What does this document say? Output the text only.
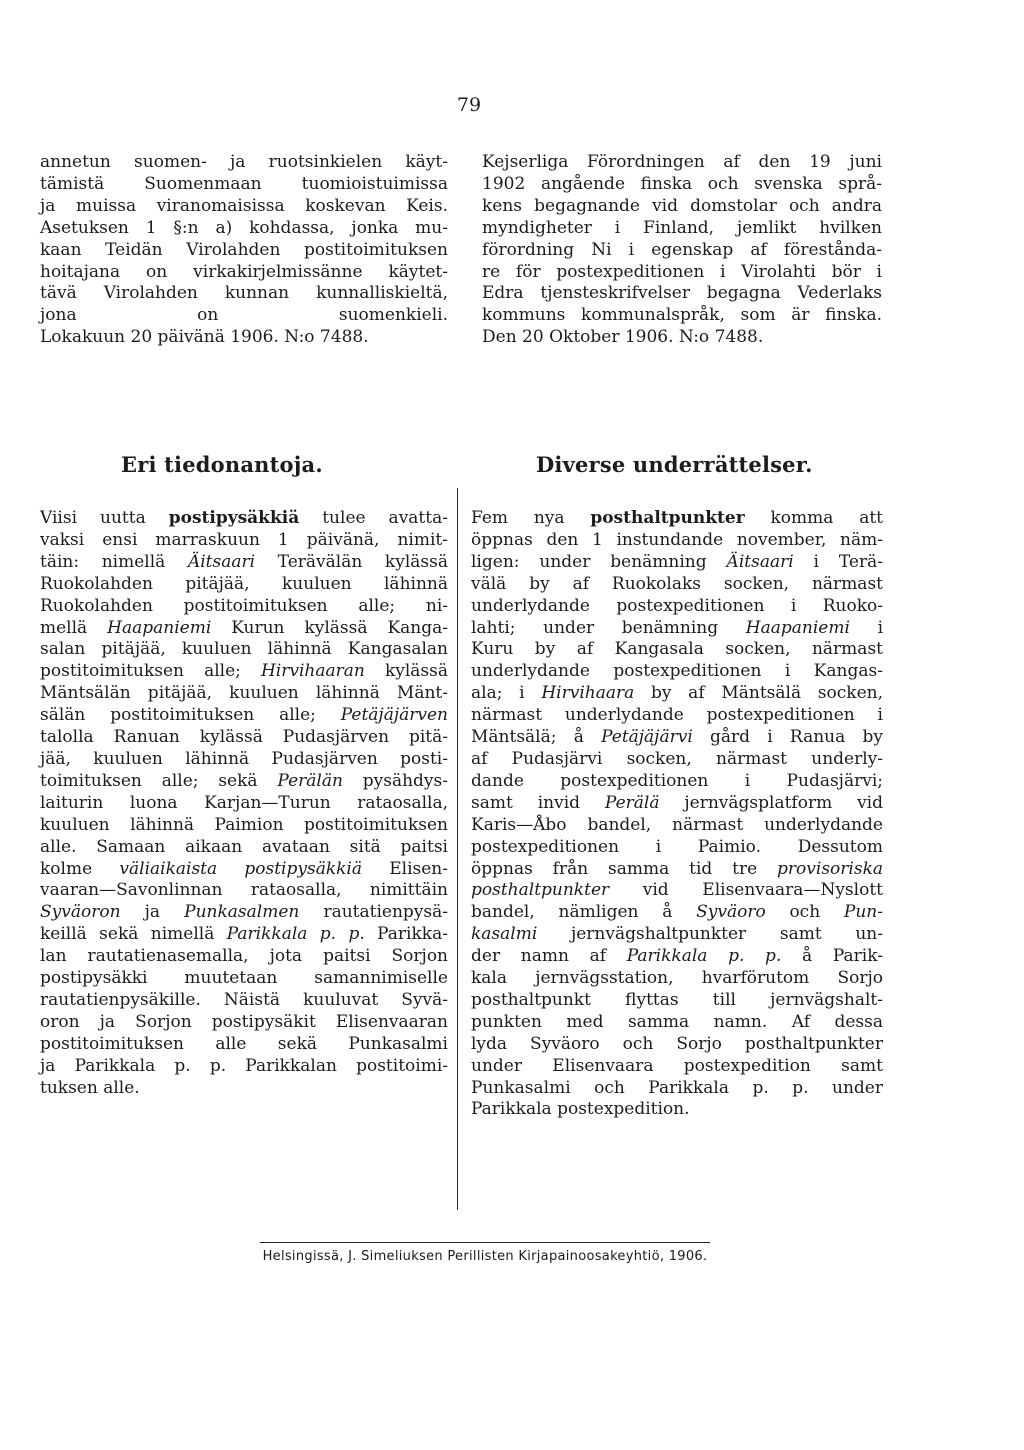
79
annetun suomen- ja ruotsinkielen käyt-
tämistä Suomenmaan tuomioistuimissa
ja muissa viranomaisissa koskevan Keis.
Asetuksen 1 §:n a) kohdassa, jonka mu-
kaan Teidän Virolahden postitoimituksen
hoitajana on virkakirjelmissänne käytet-
tävä Virolahden kunnan kunnalliskieltä,
jona on suomenkieli.
Lokakuun 20 päivänä 1906. N:o 7488.
Kejserliga Förordningen af den 19 juni
1902 angående finska och svenska språ-
kens begagnande vid domstolar och andra
myndigheter i Finland, jemlikt hvilken
förordning Ni i egenskap af förestånda-
re för postexpeditionen i Virolahti bör i
Edra tjensteskrifvelser begagna Vederlaks
kommuns kommunalspråk, som är finska.
Den 20 Oktober 1906. N:o 7488.
Eri tiedonantoja.	Diverse underrättelser.
Viisi uutta postipysäkkiä tulee avatta-
vaksi ensi marraskuun 1 päivänä, nimit-
täin: nimellä Äitsaari Terävälän kylässä
Ruokolahden pitäjää, kuuluen lähinnä
Ruokolahden postitoimituksen alle; ni-
mellä Haapaniemi Kurun kylässä Kanga-
salan pitäjää, kuuluen lähinnä Kangasalan
postitoimituksen alle; Hirvihaaran kylässä
Mäntsälän pitäjää, kuuluen lähinnä Mänt-
sälän postitoimituksen alle; Petäjäjärven
talolla Ranuan kylässä Pudasjärven pitä-
jää, kuuluen lähinnä Pudasjärven posti-
toimituksen alle; sekä Perälän pysähdys-
laiturin luona Karjan—Turun rataosalla,
kuuluen lähinnä Paimion postitoimituksen
alle. Samaan aikaan avataan sitä paitsi
kolme väliaikaista postipysäkkiä Elisen-
vaaran—Savonlinnan rataosalla, nimittäin
Syväoron ja Punkasalmen rautatienpysä-
keillä sekä nimellä Parikkala p. p. Parikka-
lan rautatienasemalla, jota paitsi Sorjon
postipysäkki muutetaan samannimiselle
rautatienpysäkille. Näistä kuuluvat Syvä-
oron ja Sorjon postipysäkit Elisenvaaran
postitoimituksen alle sekä Punkasalmi
ja Parikkala p. p. Parikkalan postitoimi-
tuksen alle.
Fem nya posthaltpunkter komma att
öppnas den 1 instundande november, näm-
ligen: under benämning Äitsaari i Terä-
välä by af Ruokolaks socken, närmast
underlydande postexpeditionen i Ruoko-
lahti; under benämning Haapaniemi i
Kuru by af Kangasala socken, närmast
underlydande postexpeditionen i Kangas-
ala; i Hirvihaara by af Mäntsälä socken,
närmast underlydande postexpeditionen i
Mäntsälä; å Petäjäjärvi gård i Ranua by
af Pudasjärvi socken, närmast underly-
dande postexpeditionen i Pudasjärvi;
samt invid Perälä jernvägsplatform vid
Karis—Åbo bandel, närmast underlydande
postexpeditionen i Paimio. Dessutom
öppnas från samma tid tre provisoriska
posthaltpunkter vid Elisenvaara—Nyslott
bandel, nämligen å Syväoro och Pun-
kasalmi jernvägshaltpunkter samt un-
der namn af Parikkala p. p. å Parik-
kala jernvägsstation, hvarförutom Sorjo
posthaltpunkt flyttas till jernvägshalt-
punkten med samma namn. Af dessa
lyda Syväoro och Sorjo posthaltpunkter
under Elisenvaara postexpedition samt
Punkasalmi och Parikkala p. p. under
Parikkala postexpedition.
Helsingissä, J. Simeliuksen Perillisten Kirjapainoosakeyhtiö, 1906.
